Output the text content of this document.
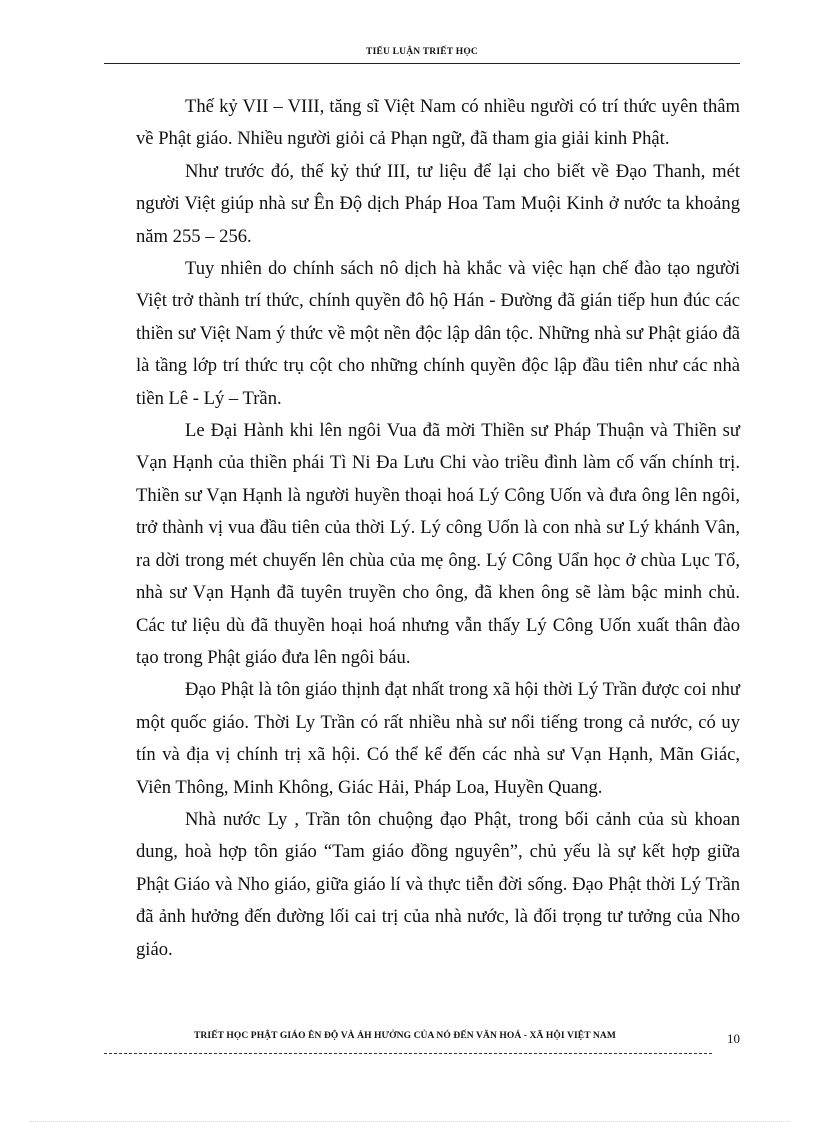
TIỂU LUẬN TRIẾT HỌC

Thế kỷ VII – VIII, tăng sĩ Việt Nam có nhiều người có trí thức uyên thâm về Phật giáo. Nhiều người giỏi cả Phạn ngữ, đã tham gia giải kinh Phật.

Như trước đó, thế kỷ thứ III, tư liệu để lại cho biết về Đạo Thanh, mét người Việt giúp nhà sư Ên Độ dịch Pháp Hoa Tam Muội Kinh ở nước ta khoảng năm 255 – 256.

Tuy nhiên do chính sách nô dịch hà khắc và việc hạn chế đào tạo người Việt trở thành trí thức, chính quyền đô hộ Hán - Đường đã gián tiếp hun đúc các thiền sư Việt Nam ý thức về một nền độc lập dân tộc. Những nhà sư Phật giáo đã là tầng lớp trí thức trụ cột cho những chính quyền độc lập đầu tiên như các nhà tiền Lê - Lý – Trần.

Le Đại Hành khi lên ngôi Vua đã mời Thiền sư Pháp Thuận và Thiền sư Vạn Hạnh của thiền phái Tì Ni Đa Lưu Chi vào triều đình làm cố vấn chính trị. Thiền sư Vạn Hạnh là người huyền thoại hoá Lý Công Uốn và đưa ông lên ngôi, trở thành vị vua đầu tiên của thời Lý. Lý công Uốn là con nhà sư Lý khánh Vân, ra dời trong mét chuyến lên chùa của mẹ ông. Lý Công Uẩn học ở chùa Lục Tổ, nhà sư Vạn Hạnh đã tuyên truyền cho ông, đã khen ông sẽ làm bậc minh chủ. Các tư liệu dù đã thuyền hoại hoá nhưng vẫn thấy Lý Công Uốn xuất thân đào tạo trong Phật giáo đưa lên ngôi báu.

Đạo Phật là tôn giáo thịnh đạt nhất trong xã hội thời Lý Trần được coi như một quốc giáo. Thời Ly Trần có rất nhiều nhà sư nổi tiếng trong cả nước, có uy tín và địa vị chính trị xã hội. Có thể kể đến các nhà sư Vạn Hạnh, Mãn Giác, Viên Thông, Minh Không, Giác Hải, Pháp Loa, Huyền Quang.

Nhà nước Ly , Trần tôn chuộng đạo Phật, trong bối cảnh của sù khoan dung, hoà hợp tôn giáo “Tam giáo đồng nguyên”, chủ yếu là sự kết hợp giữa Phật Giáo và Nho giáo, giữa giáo lí và thực tiễn đời sống. Đạo Phật thời Lý Trần đã ảnh hưởng đến đường lối cai trị của nhà nước, là đối trọng tư tưởng của Nho giáo.

TRIẾT HỌC PHẬT GIÁO ÊN ĐỘ VÀ ẢH HƯỞNG CỦA NÓ ĐẾN VĂN HOÁ - XÃ HỘI VIỆT NAM	10
